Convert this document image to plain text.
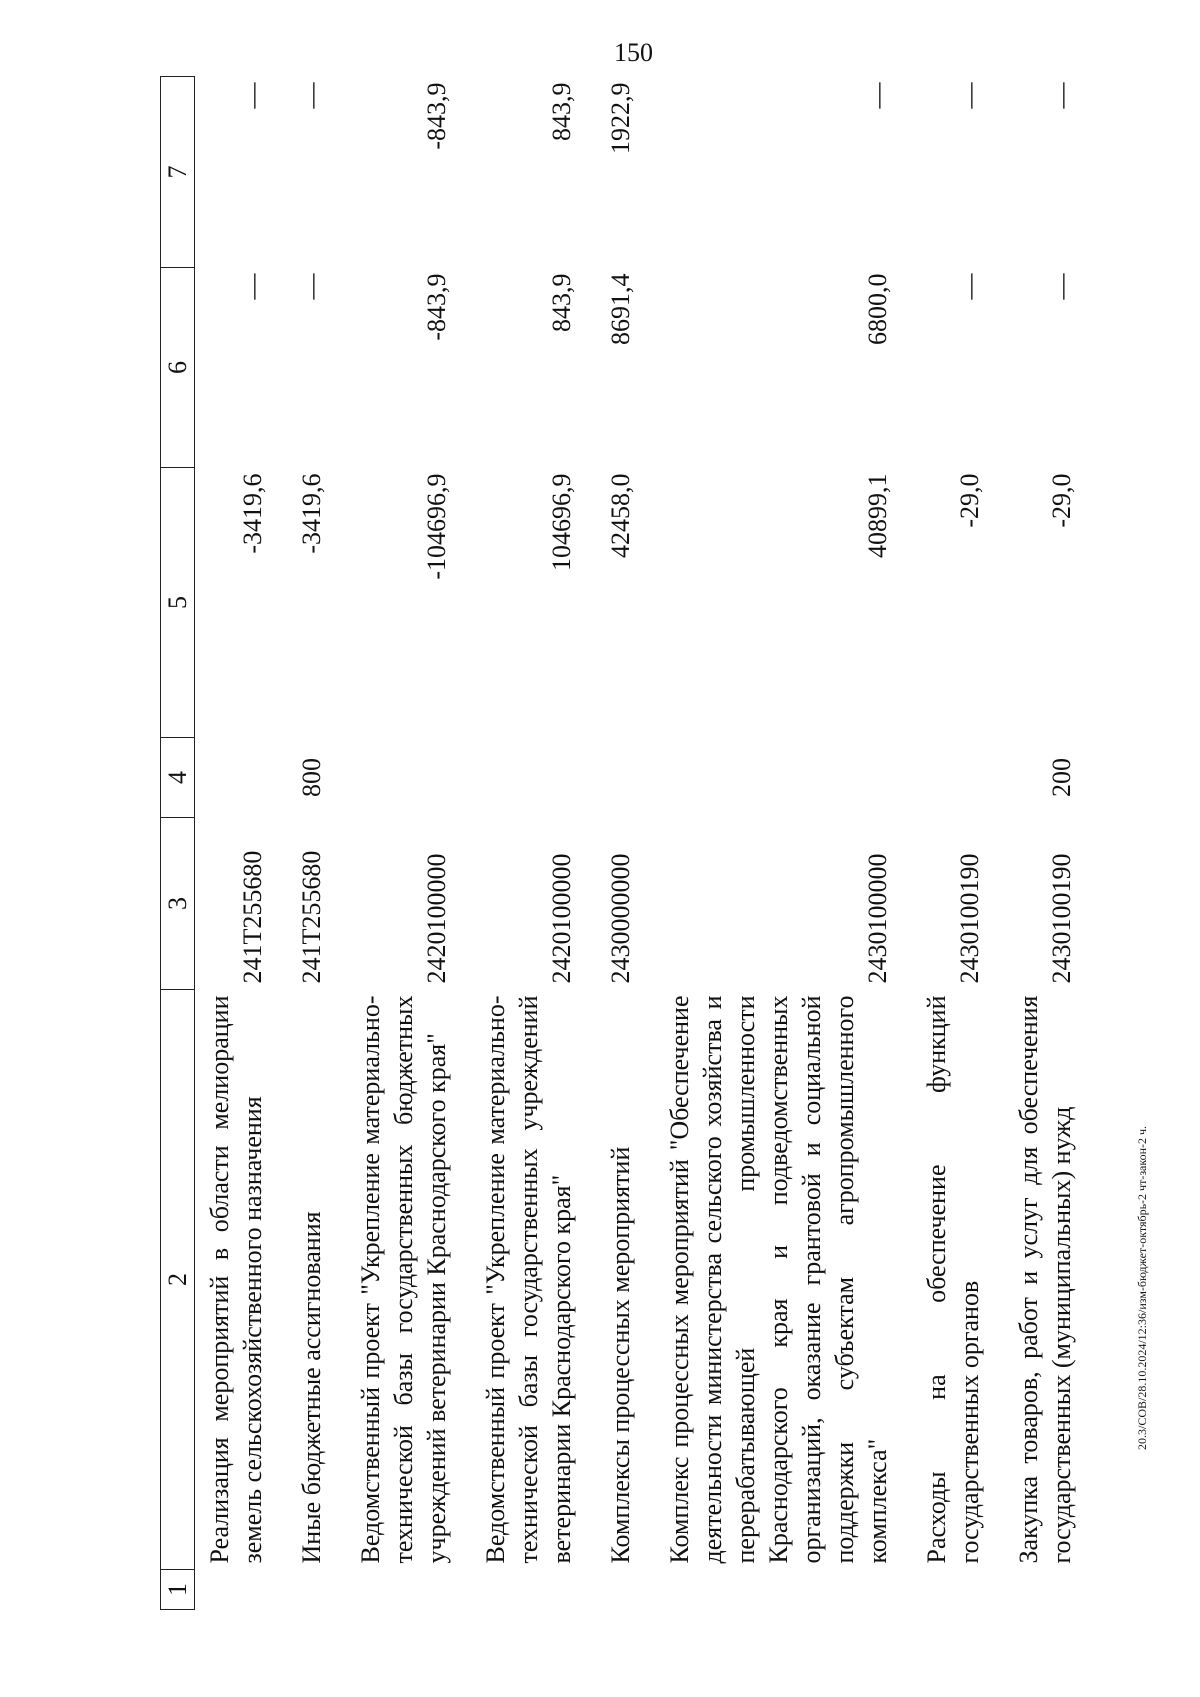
150
1	2	3	4	5	6	7
	Реализация мероприятий в области мелиорации земель сельскохозяйственного назначения	241T255680		-3419,6	—	—
	Иные бюджетные ассигнования	241T255680	800	-3419,6	—	—
	Ведомственный проект "Укрепление материально-технической базы государственных бюджетных учреждений ветеринарии Краснодарского края"	2420100000		-104696,9	-843,9	-843,9
	Ведомственный проект "Укрепление материально-технической базы государственных учреждений ветеринарии Краснодарского края"	2420100000		104696,9	843,9	843,9
	Комплексы процессных мероприятий	2430000000		42458,0	8691,4	1922,9
	Комплекс процессных мероприятий "Обеспечение деятельности министерства сельского хозяйства и перерабатывающей промышленности Краснодарского края и подведомственных организаций, оказание грантовой и социальной поддержки субъектам агропромышленного комплекса"	2430100000		40899,1	6800,0	—
	Расходы на обеспечение функций государственных органов	2430100190		-29,0	—	—
	Закупка товаров, работ и услуг для обеспечения государственных (муниципальных) нужд	2430100190	200	-29,0	—	—
20.3/СОВ/28.10.2024/12:36/изм-бюджет-октябрь-2 чт-закон-2 ч.
